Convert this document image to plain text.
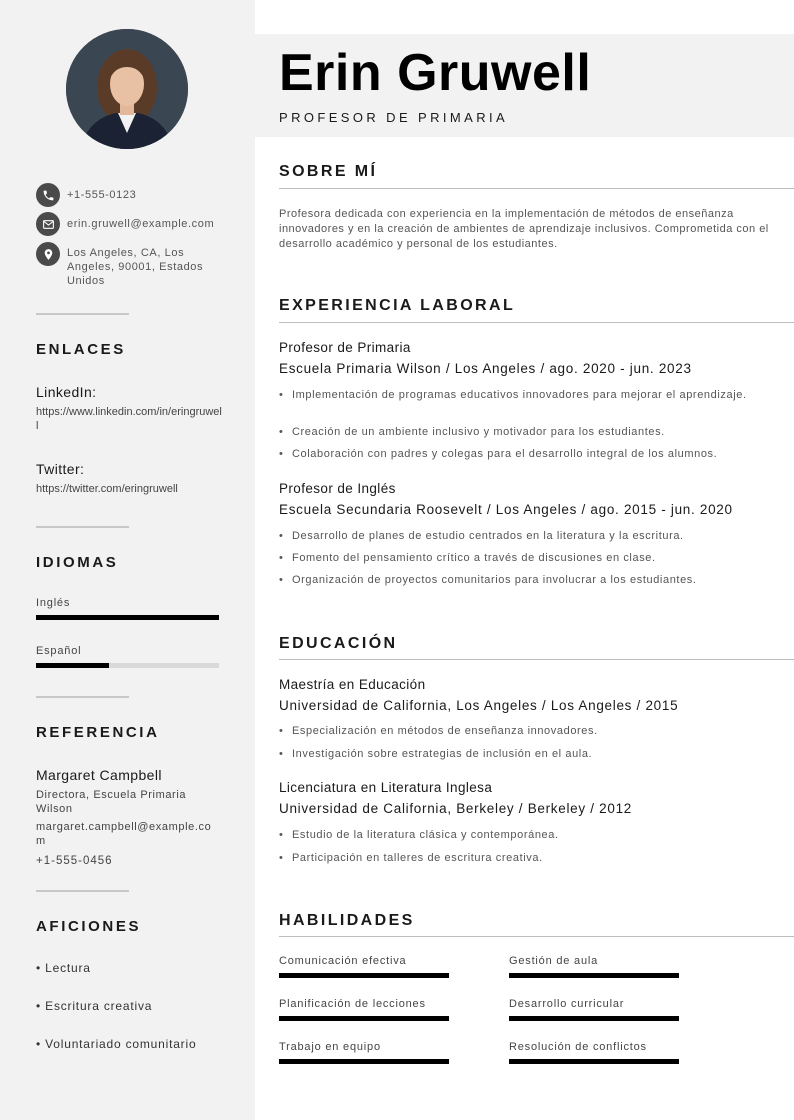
+1-555-0123
erin.gruwell@example.com
Los Angeles, CA, Los Angeles, 90001, Estados Unidos
ENLACES
LinkedIn:
https://www.linkedin.com/in/eringruwell
Twitter:
https://twitter.com/eringruwell
IDIOMAS
Inglés
Español
REFERENCIA
Margaret Campbell
Directora, Escuela Primaria Wilson
margaret.campbell@example.com
+1-555-0456
AFICIONES
• Lectura
• Escritura creativa
• Voluntariado comunitario
Erin Gruwell
PROFESOR DE PRIMARIA
SOBRE MÍ
Profesora dedicada con experiencia en la implementación de métodos de enseñanza innovadores y en la creación de ambientes de aprendizaje inclusivos. Comprometida con el desarrollo académico y personal de los estudiantes.
EXPERIENCIA LABORAL
Profesor de Primaria
Escuela Primaria Wilson / Los Angeles / ago. 2020 - jun. 2023
• Implementación de programas educativos innovadores para mejorar el aprendizaje.
• Creación de un ambiente inclusivo y motivador para los estudiantes.
• Colaboración con padres y colegas para el desarrollo integral de los alumnos.
Profesor de Inglés
Escuela Secundaria Roosevelt / Los Angeles / ago. 2015 - jun. 2020
• Desarrollo de planes de estudio centrados en la literatura y la escritura.
• Fomento del pensamiento crítico a través de discusiones en clase.
• Organización de proyectos comunitarios para involucrar a los estudiantes.
EDUCACIÓN
Maestría en Educación
Universidad de California, Los Angeles / Los Angeles / 2015
• Especialización en métodos de enseñanza innovadores.
• Investigación sobre estrategias de inclusión en el aula.
Licenciatura en Literatura Inglesa
Universidad de California, Berkeley / Berkeley / 2012
• Estudio de la literatura clásica y contemporánea.
• Participación en talleres de escritura creativa.
HABILIDADES
Comunicación efectiva	Gestión de aula
Planificación de lecciones	Desarrollo curricular
Trabajo en equipo	Resolución de conflictos
